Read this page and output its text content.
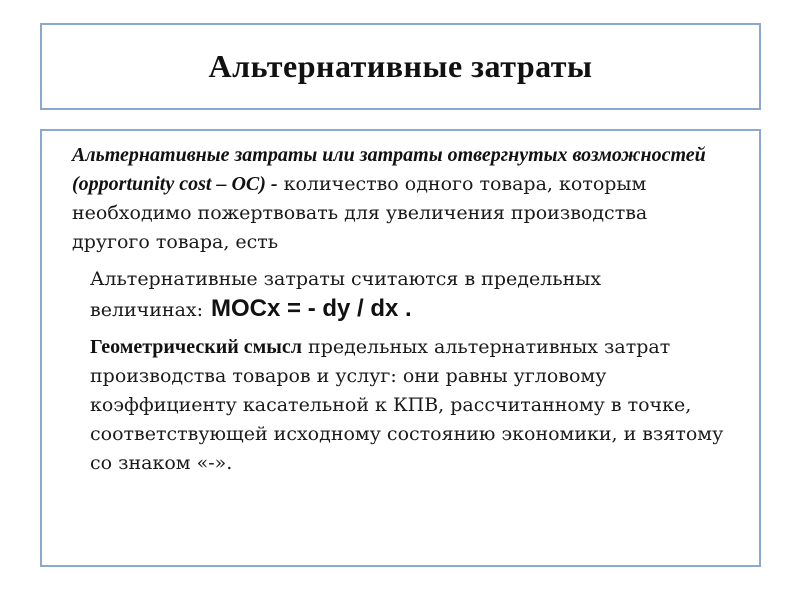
Альтернативные затраты

Альтернативные затраты или затраты отвергнутых возможностей (opportunity cost – OC) - количество одного товара, которым необходимо пожертвовать для увеличения производства другого товара, есть

Альтернативные затраты считаются в предельных величинах: MOCx = - dy / dx .

Геометрический смысл предельных альтернативных затрат производства товаров и услуг: они равны угловому коэффициенту касательной к КПВ, рассчитанному в точке, соответствующей исходному состоянию экономики, и взятому со знаком «-».
